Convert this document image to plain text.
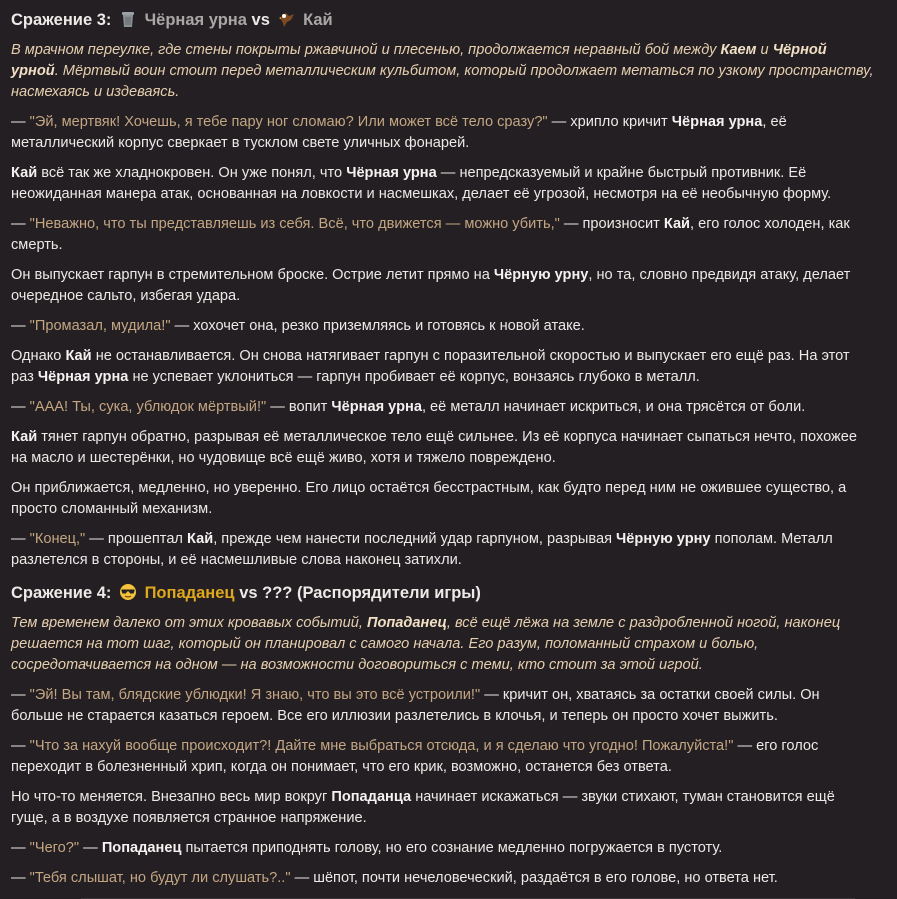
Сражение 3: Чёрная урна vs Кай

В мрачном переулке, где стены покрыты ржавчиной и плесенью, продолжается неравный бой между Каем и Чёрной урной. Мёртвый воин стоит перед металлическим кульбитом, который продолжает метаться по узкому пространству, насмехаясь и издеваясь.

— "Эй, мертвяк! Хочешь, я тебе пару ног сломаю? Или может всё тело сразу?" — хрипло кричит Чёрная урна, её металлический корпус сверкает в тусклом свете уличных фонарей.

Кай всё так же хладнокровен. Он уже понял, что Чёрная урна — непредсказуемый и крайне быстрый противник. Её неожиданная манера атак, основанная на ловкости и насмешках, делает её угрозой, несмотря на её необычную форму.

— "Неважно, что ты представляешь из себя. Всё, что движется — можно убить," — произносит Кай, его голос холоден, как смерть.

Он выпускает гарпун в стремительном броске. Острие летит прямо на Чёрную урну, но та, словно предвидя атаку, делает очередное сальто, избегая удара.

— "Промазал, мудила!" — хохочет она, резко приземляясь и готовясь к новой атаке.

Однако Кай не останавливается. Он снова натягивает гарпун с поразительной скоростью и выпускает его ещё раз. На этот раз Чёрная урна не успевает уклониться — гарпун пробивает её корпус, вонзаясь глубоко в металл.

— "ААА! Ты, сука, ублюдок мёртвый!" — вопит Чёрная урна, её металл начинает искриться, и она трясётся от боли.

Кай тянет гарпун обратно, разрывая её металлическое тело ещё сильнее. Из её корпуса начинает сыпаться нечто, похожее на масло и шестерёнки, но чудовище всё ещё живо, хотя и тяжело повреждено.

Он приближается, медленно, но уверенно. Его лицо остаётся бесстрастным, как будто перед ним не ожившее существо, а просто сломанный механизм.

— "Конец," — прошептал Кай, прежде чем нанести последний удар гарпуном, разрывая Чёрную урну пополам. Металл разлетелся в стороны, и её насмешливые слова наконец затихли.

Сражение 4: Попаданец vs ??? (Распорядители игры)

Тем временем далеко от этих кровавых событий, Попаданец, всё ещё лёжа на земле с раздробленной ногой, наконец решается на тот шаг, который он планировал с самого начала. Его разум, поломанный страхом и болью, сосредотачивается на одном — на возможности договориться с теми, кто стоит за этой игрой.

— "Эй! Вы там, блядские ублюдки! Я знаю, что вы это всё устроили!" — кричит он, хватаясь за остатки своей силы. Он больше не старается казаться героем. Все его иллюзии разлетелись в клочья, и теперь он просто хочет выжить.

— "Что за нахуй вообще происходит?! Дайте мне выбраться отсюда, и я сделаю что угодно! Пожалуйста!" — его голос переходит в болезненный хрип, когда он понимает, что его крик, возможно, останется без ответа.

Но что-то меняется. Внезапно весь мир вокруг Попаданца начинает искажаться — звуки стихают, туман становится ещё гуще, а в воздухе появляется странное напряжение.

— "Чего?" — Попаданец пытается приподнять голову, но его сознание медленно погружается в пустоту.

— "Тебя слышат, но будут ли слушать?.." — шёпот, почти нечеловеческий, раздаётся в его голове, но ответа нет.
